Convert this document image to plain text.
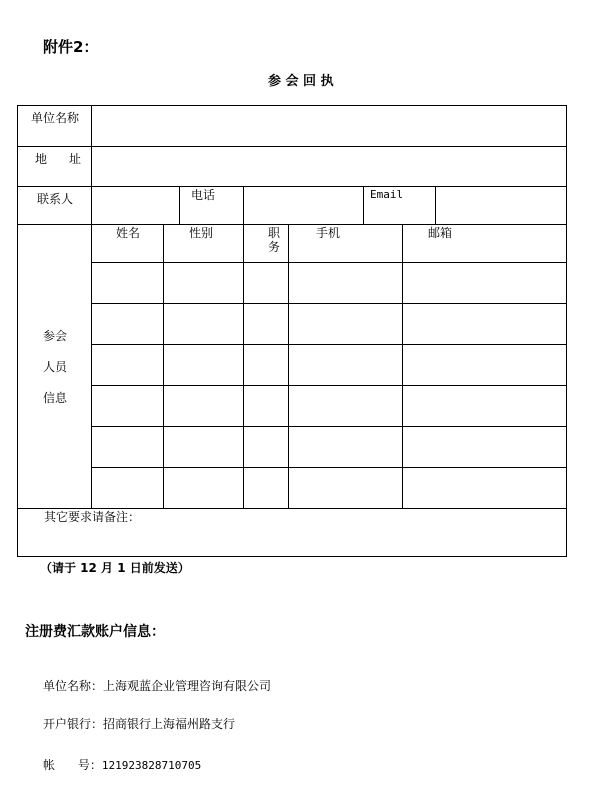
附件2：
参 会 回 执
单位名称								

地 址								

联系人			电话			Email		

参会
人员
信息	姓名	性别		职务	手机		邮箱	

其它要求请备注：								
（请于 12 月 1 日前发送）
注册费汇款账户信息：
单位名称：上海观蓝企业管理咨询有限公司
开户银行：招商银行上海福州路支行
帐      号：121923828710705
